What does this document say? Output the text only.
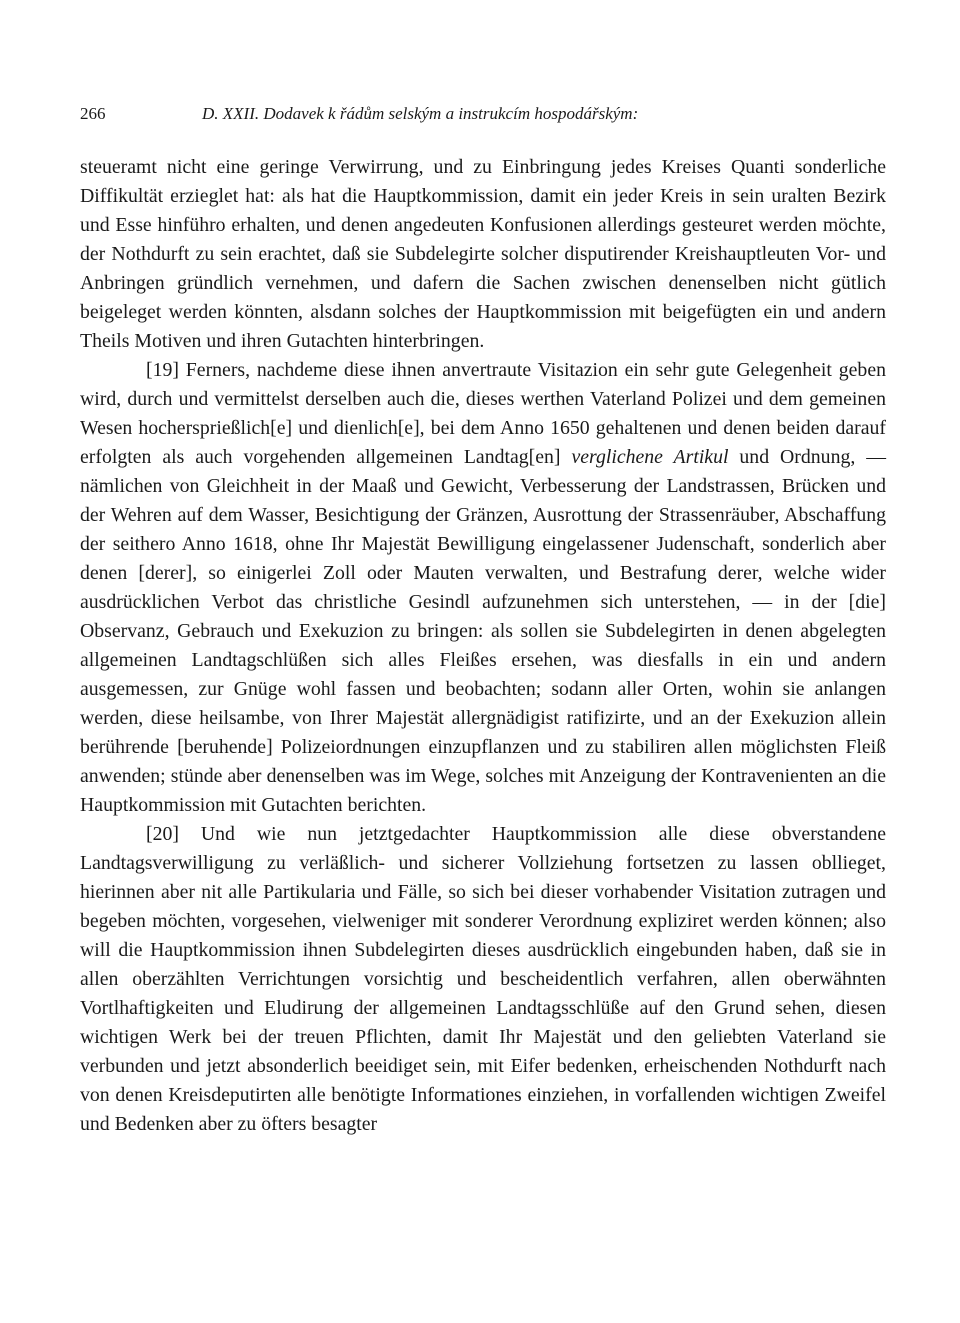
266	D. XXII. Dodavek k řádům selským a instrukcím hospodářským:

steueramt nicht eine geringe Verwirrung, und zu Einbringung jedes Kreises Quanti sonderliche Diffikultät erzieglet hat: als hat die Hauptkommission, damit ein jeder Kreis in sein uralten Bezirk und Esse hinführo erhalten, und denen angedeuten Konfusionen allerdings gesteuret werden möchte, der Nothdurft zu sein erachtet, daß sie Subdelegirte solcher disputirender Kreishauptleuten Vor- und Anbringen gründlich vernehmen, und dafern die Sachen zwischen denenselben nicht gütlich beigeleget werden könnten, alsdann solches der Hauptkommission mit beigefügten ein und andern Theils Motiven und ihren Gutachten hinterbringen.

[19] Ferners, nachdeme diese ihnen anvertraute Visitazion ein sehr gute Gelegenheit geben wird, durch und vermittelst derselben auch die, dieses werthen Vaterland Polizei und dem gemeinen Wesen hochersprießlich[e] und dienlich[e], bei dem Anno 1650 gehaltenen und denen beiden darauf erfolgten als auch vorgehenden allgemeinen Landtag[en] verglichene Artikul und Ordnung, — nämlichen von Gleichheit in der Maaß und Gewicht, Verbesserung der Landstrassen, Brücken und der Wehren auf dem Wasser, Besichtigung der Gränzen, Ausrottung der Strassenräuber, Abschaffung der seithero Anno 1618, ohne Ihr Majestät Bewilligung eingelassener Judenschaft, sonderlich aber denen [derer], so einigerlei Zoll oder Mauten verwalten, und Bestrafung derer, welche wider ausdrücklichen Verbot das christliche Gesindl aufzunehmen sich unterstehen, — in der [die] Observanz, Gebrauch und Exekuzion zu bringen: als sollen sie Subdelegirten in denen abgelegten allgemeinen Landtagschlüßen sich alles Fleißes ersehen, was diesfalls in ein und andern ausgemessen, zur Gnüge wohl fassen und beobachten; sodann aller Orten, wohin sie anlangen werden, diese heilsambe, von Ihrer Majestät allergnädigist ratifizirte, und an der Exekuzion allein berührende [beruhende] Polizeiordnungen einzupflanzen und zu stabiliren allen möglichsten Fleiß anwenden; stünde aber denenselben was im Wege, solches mit Anzeigung der Kontravenienten an die Hauptkommission mit Gutachten berichten.

[20] Und wie nun jetztgedachter Hauptkommission alle diese obverstandene Landtagsverwilligung zu verläßlich- und sicherer Vollziehung fortsetzen zu lassen obllieget, hierinnen aber nit alle Partikularia und Fälle, so sich bei dieser vorhabender Visitation zutragen und begeben möchten, vorgesehen, vielweniger mit sonderer Verordnung expliziret werden können; also will die Hauptkommission ihnen Subdelegirten dieses ausdrücklich eingebunden haben, daß sie in allen oberzählten Verrichtungen vorsichtig und bescheidentlich verfahren, allen oberwähnten Vortlhaftigkeiten und Eludirung der allgemeinen Landtagsschlüße auf den Grund sehen, diesen wichtigen Werk bei der treuen Pflichten, damit Ihr Majestät und den geliebten Vaterland sie verbunden und jetzt absonderlich beeidiget sein, mit Eifer bedenken, erheischenden Nothdurft nach von denen Kreisdeputirten alle benötigte Informationes einziehen, in vorfallenden wichtigen Zweifel und Bedenken aber zu öfters besagter
